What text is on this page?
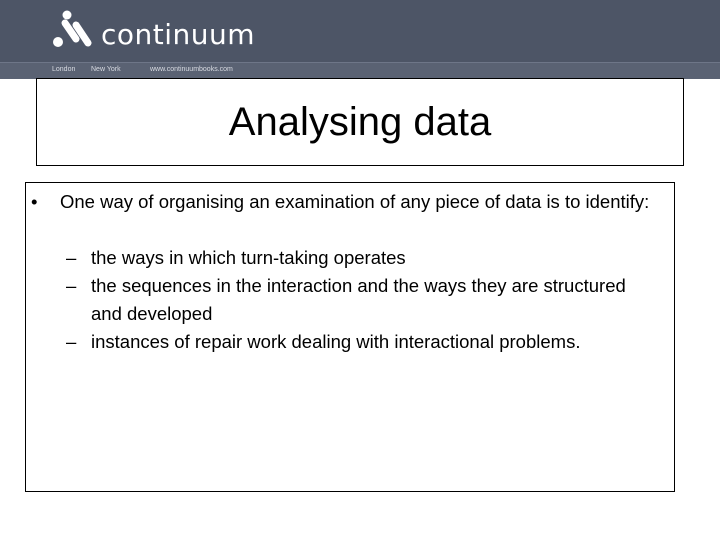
continuum
London New York	www.continuumbooks.com
Analysing data
• One way of organising an examination of any piece of data is to identify:
– the ways in which turn-taking operates
– the sequences in the interaction and the ways they are structured and developed
– instances of repair work dealing with interactional problems.
